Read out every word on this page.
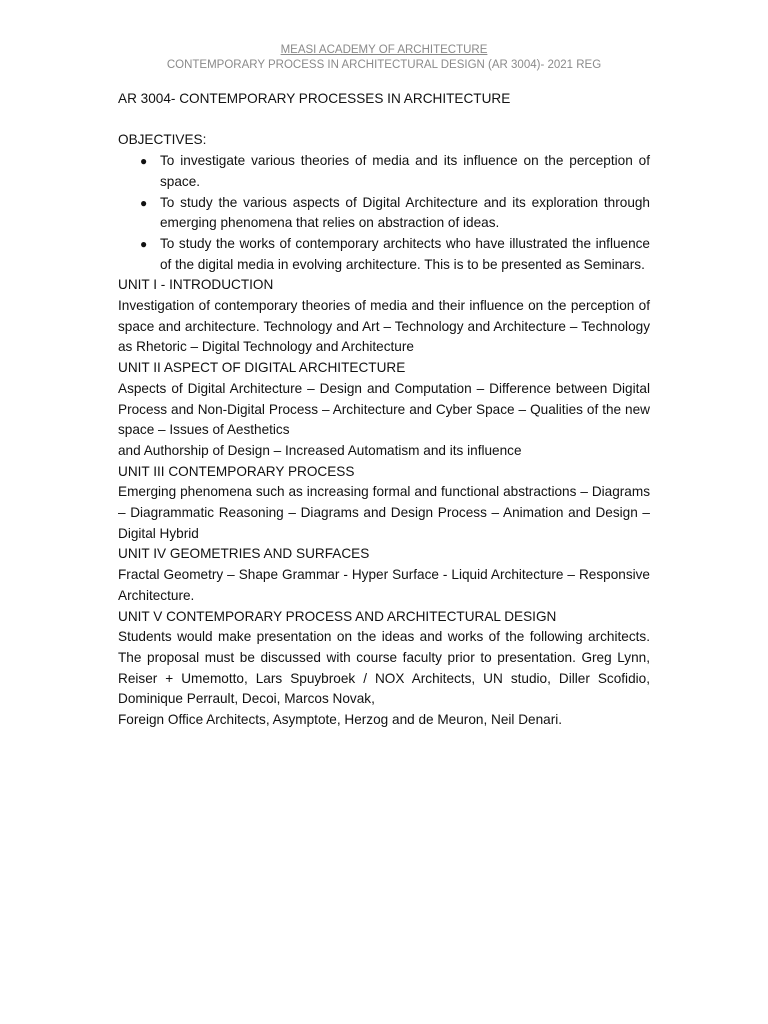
MEASI ACADEMY OF ARCHITECTURE
CONTEMPORARY PROCESS IN ARCHITECTURAL DESIGN (AR 3004)- 2021 REG
AR 3004- CONTEMPORARY PROCESSES IN ARCHITECTURE
OBJECTIVES:
● To investigate various theories of media and its influence on the perception of space.
● To study the various aspects of Digital Architecture and its exploration through emerging phenomena that relies on abstraction of ideas.
● To study the works of contemporary architects who have illustrated the influence of the digital media in evolving architecture. This is to be presented as Seminars.
UNIT I - INTRODUCTION

Investigation of contemporary theories of media and their influence on the perception of space and architecture. Technology and Art – Technology and Architecture – Technology as Rhetoric – Digital Technology and Architecture

UNIT II ASPECT OF DIGITAL ARCHITECTURE

Aspects of Digital Architecture – Design and Computation – Difference between Digital Process and Non-Digital Process – Architecture and Cyber Space – Qualities of the new space – Issues of Aesthetics

and Authorship of Design – Increased Automatism and its influence

UNIT III CONTEMPORARY PROCESS

Emerging phenomena such as increasing formal and functional abstractions – Diagrams – Diagrammatic Reasoning – Diagrams and Design Process – Animation and Design – Digital Hybrid

UNIT IV GEOMETRIES AND SURFACES

Fractal Geometry – Shape Grammar - Hyper Surface - Liquid Architecture – Responsive Architecture.

UNIT V CONTEMPORARY PROCESS AND ARCHITECTURAL DESIGN

Students would make presentation on the ideas and works of the following architects. The proposal must be discussed with course faculty prior to presentation. Greg Lynn, Reiser + Umemotto, Lars Spuybroek / NOX Architects, UN studio, Diller Scofidio, Dominique Perrault, Decoi, Marcos Novak,

Foreign Office Architects, Asymptote, Herzog and de Meuron, Neil Denari.
